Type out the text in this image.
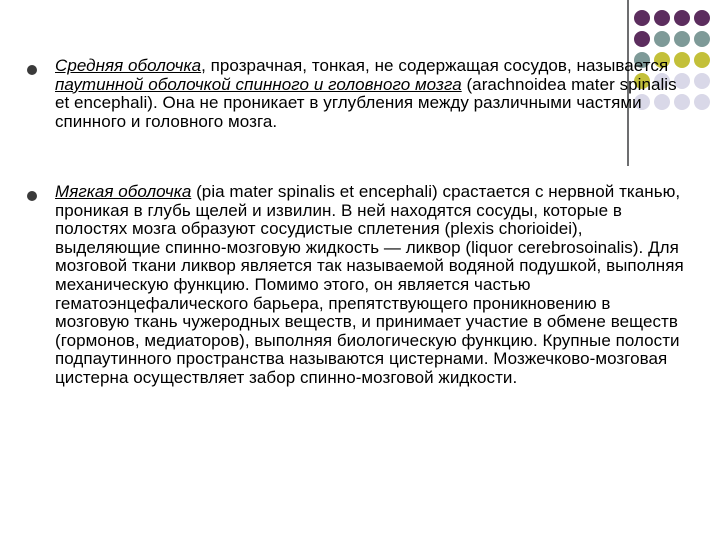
Средняя оболочка, прозрачная, тонкая, не содержащая сосудов, называется паутинной оболочкой спинного и головного мозга (arachnoidea mater spinalis et encephali). Она не проникает в углубления между различными частями спинного и головного мозга.

Мягкая оболочка (pia mater spinalis et encephali) срастается с нервной тканью, проникая в глубь щелей и извилин. В ней находятся сосуды, которые в полостях мозга образуют сосудистые сплетения (plexis chorioidei), выделяющие спинно-мозговую жидкость — ликвор (liquor cerebrosoinalis). Для мозговой ткани ликвор является так называемой водяной подушкой, выполняя механическую функцию. Помимо этого, он является частью гематоэнцефалического барьера, препятствующего проникновению в мозговую ткань чужеродных веществ, и принимает участие в обмене веществ (гормонов, медиаторов), выполняя биологическую функцию. Крупные полости подпаутинного пространства называются цистернами. Мозжечково-мозговая цистерна осуществляет забор спинно-мозговой жидкости.
